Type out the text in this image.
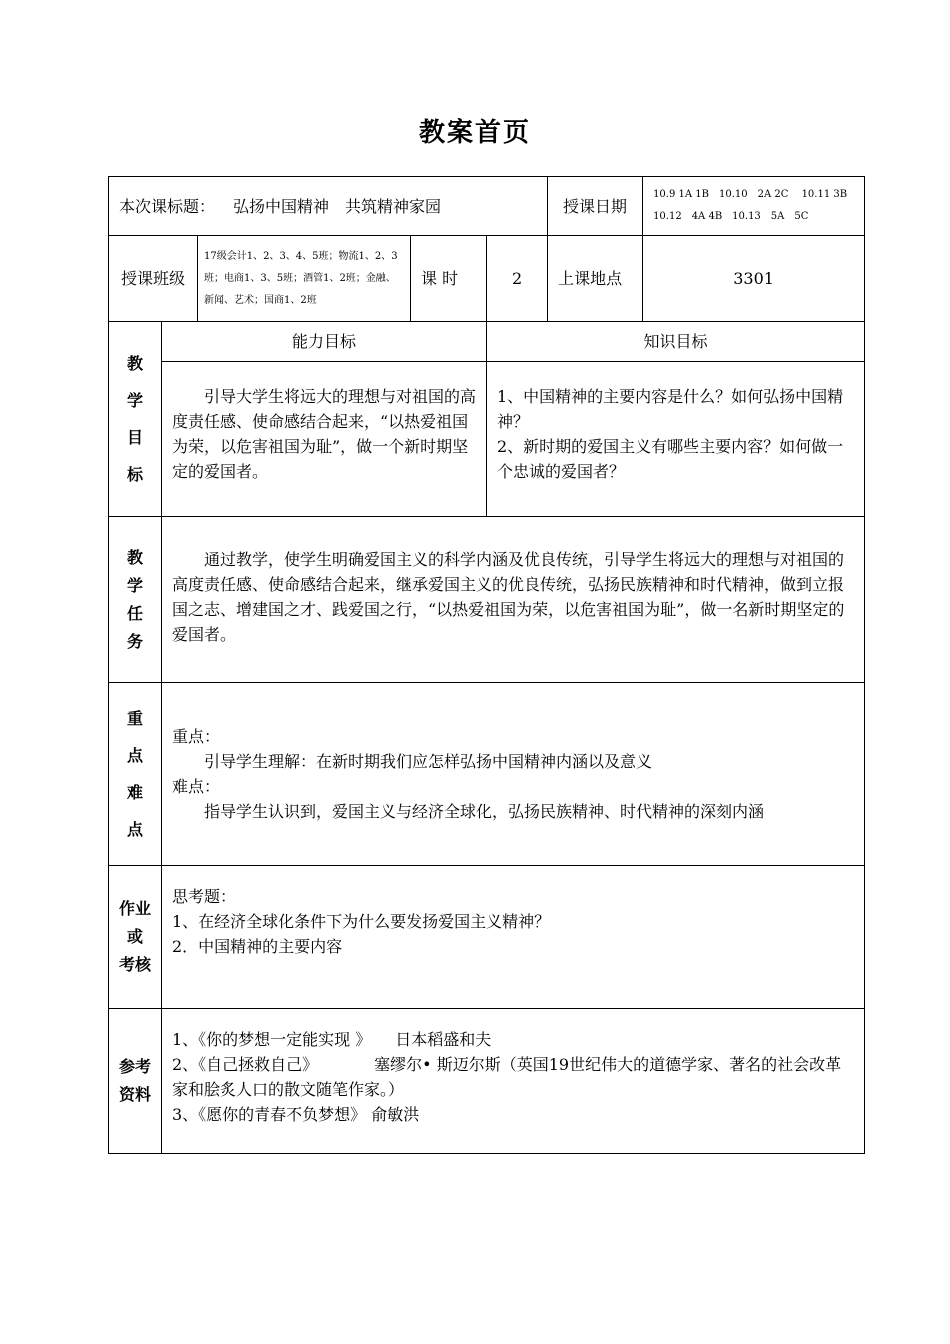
教案首页
本次课标题： 弘扬中国精神　共筑精神家园					授课日期	10.9 1A 1B　10.10　2A 2C　 10.11 3B
10.12　4A 4B　10.13　5A　5C

授课班级		17级会计1、2、3、4、5班；物流1、2、3班；电商1、3、5班；酒管1、2班；金融、新闻、艺术；国商1、2班	课 时	2	上课地点	3301

教
学
目
标	能力目标			知识目标		
	引导大学生将远大的理想与对祖国的高度责任感、使命感结合起来，“以热爱祖国为荣，以危害祖国为耻”，做一个新时期坚定的爱国者。			1、中国精神的主要内容是什么？如何弘扬中国精神？
2、新时期的爱国主义有哪些主要内容？如何做一个忠诚的爱国者？		

教
学
任
务	通过教学，使学生明确爱国主义的科学内涵及优良传统，引导学生将远大的理想与对祖国的高度责任感、使命感结合起来，继承爱国主义的优良传统，弘扬民族精神和时代精神，做到立报国之志、增建国之才、践爱国之行，“以热爱祖国为荣，以危害祖国为耻”，做一名新时期坚定的爱国者。					

重
点
难
点	重点：
引导学生理解：在新时期我们应怎样弘扬中国精神内涵以及意义
难点：
指导学生认识到，爱国主义与经济全球化，弘扬民族精神、时代精神的深刻内涵					

作业
或
考核	思考题：
1、在经济全球化条件下为什么要发扬爱国主义精神？
2．中国精神的主要内容					

参考
资料	1、《你的梦想一定能实现 》　　日本稻盛和夫
2、《自己拯救自己》　　　　塞缪尔• 斯迈尔斯（英国19世纪伟大的道德学家、著名的社会改革家和脍炙人口的散文随笔作家。）
3、《愿你的青春不负梦想》 俞敏洪					
